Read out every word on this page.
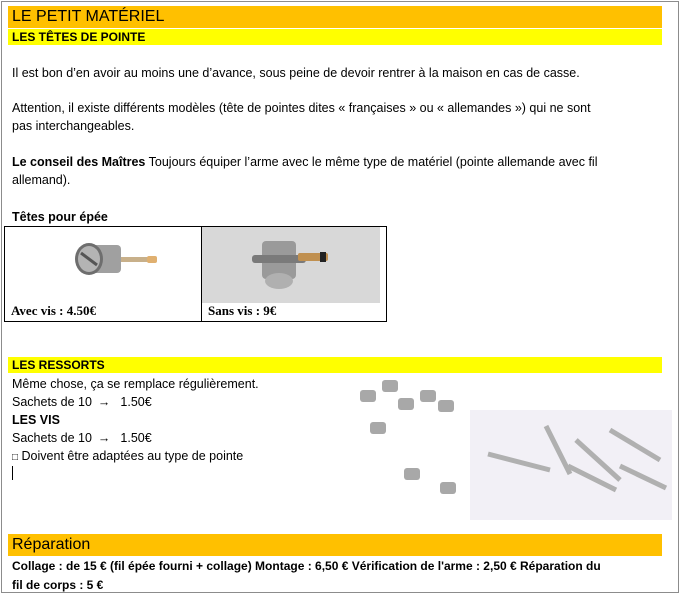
LE PETIT MATÉRIEL
LES TÊTES DE POINTE
Il est bon d’en avoir au moins une d’avance, sous peine de devoir rentrer à la maison en cas de casse.
Attention, il existe différents modèles (tête de pointes dites « françaises » ou « allemandes ») qui ne sont
pas interchangeables.
Le conseil des Maîtres Toujours équiper l’arme avec le même type de matériel (pointe allemande avec fil
allemand).
Têtes pour épée
Avec vis : 4.50€	Sans vis : 9€
LES RESSORTS
Même chose, ça se remplace régulièrement.
Sachets de 10 → 1.50€
LES VIS
Sachets de 10 → 1.50€
□ Doivent être adaptées au type de pointe
Réparation
Collage : de 15 € (fil épée fourni + collage) Montage : 6,50 € Vérification de l'arme : 2,50 € Réparation du
fil de corps : 5 €
